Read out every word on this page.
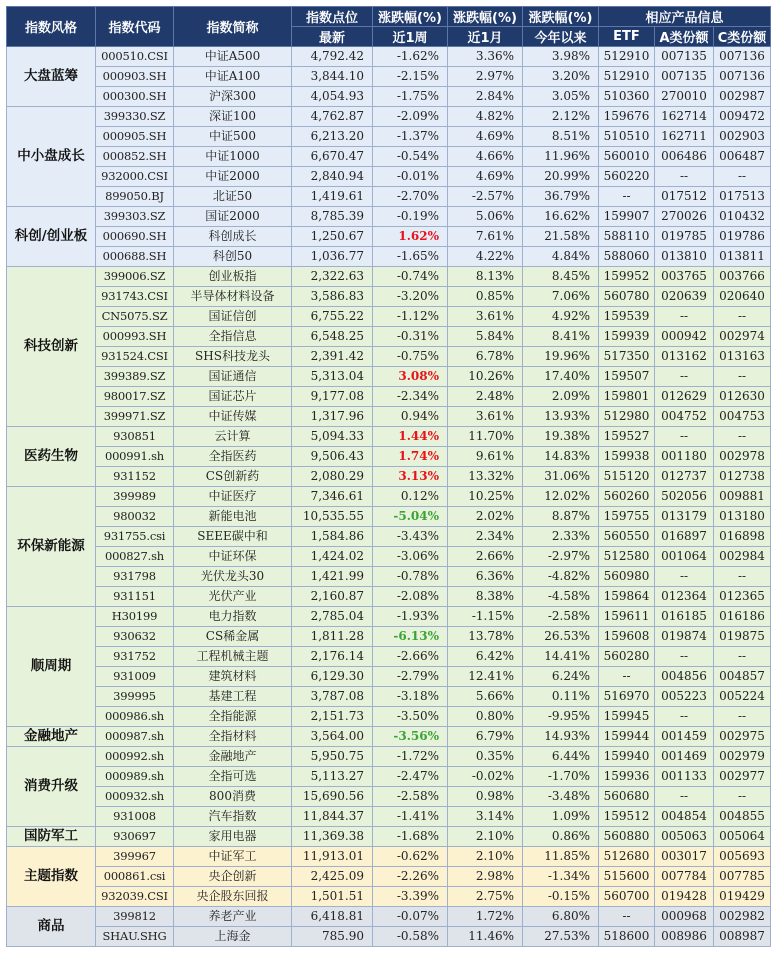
指数风格	指数代码	指数简称	指数点位	涨跌幅(%)	涨跌幅(%)	涨跌幅(%)	相应产品信息		
			最新	近1周	近1月	今年以来	ETF	A类份额	C类份额
大盘蓝筹	000510.CSI	中证A500	4,792.42	-1.62%	3.36%	3.98%	512910	007135	007136
	000903.SH	中证A100	3,844.10	-2.15%	2.97%	3.20%	512910	007135	007136
	000300.SH	沪深300	4,054.93	-1.75%	2.84%	3.05%	510360	270010	002987
中小盘成长	399330.SZ	深证100	4,762.87	-2.09%	4.82%	2.12%	159676	162714	009472
	000905.SH	中证500	6,213.20	-1.37%	4.69%	8.51%	510510	162711	002903
	000852.SH	中证1000	6,670.47	-0.54%	4.66%	11.96%	560010	006486	006487
	932000.CSI	中证2000	2,840.94	-0.01%	4.69%	20.99%	560220	--	--
	899050.BJ	北证50	1,419.61	-2.70%	-2.57%	36.79%	--	017512	017513
科创/创业板	399303.SZ	国证2000	8,785.39	-0.19%	5.06%	16.62%	159907	270026	010432
	000690.SH	科创成长	1,250.67	1.62%	7.61%	21.58%	588110	019785	019786
	000688.SH	科创50	1,036.77	-1.65%	4.22%	4.84%	588060	013810	013811
科技创新	399006.SZ	创业板指	2,322.63	-0.74%	8.13%	8.45%	159952	003765	003766
	931743.CSI	半导体材料设备	3,586.83	-3.20%	0.85%	7.06%	560780	020639	020640
	CN5075.SZ	国证信创	6,755.22	-1.12%	3.61%	4.92%	159539	--	--
	000993.SH	全指信息	6,548.25	-0.31%	5.84%	8.41%	159939	000942	002974
	931524.CSI	SHS科技龙头	2,391.42	-0.75%	6.78%	19.96%	517350	013162	013163
	399389.SZ	国证通信	5,313.04	3.08%	10.26%	17.40%	159507	--	--
	980017.SZ	国证芯片	9,177.08	-2.34%	2.48%	2.09%	159801	012629	012630
	399971.SZ	中证传媒	1,317.96	0.94%	3.61%	13.93%	512980	004752	004753
医药生物	930851	云计算	5,094.33	1.44%	11.70%	19.38%	159527	--	--
	000991.sh	全指医药	9,506.43	1.74%	9.61%	14.83%	159938	001180	002978
	931152	CS创新药	2,080.29	3.13%	13.32%	31.06%	515120	012737	012738
环保新能源	399989	中证医疗	7,346.61	0.12%	10.25%	12.02%	560260	502056	009881
	980032	新能电池	10,535.55	-5.04%	2.02%	8.87%	159755	013179	013180
	931755.csi	SEEE碳中和	1,584.86	-3.43%	2.34%	2.33%	560550	016897	016898
	000827.sh	中证环保	1,424.02	-3.06%	2.66%	-2.97%	512580	001064	002984
	931798	光伏龙头30	1,421.99	-0.78%	6.36%	-4.82%	560980	--	--
	931151	光伏产业	2,160.87	-2.08%	8.38%	-4.58%	159864	012364	012365
顺周期	H30199	电力指数	2,785.04	-1.93%	-1.15%	-2.58%	159611	016185	016186
	930632	CS稀金属	1,811.28	-6.13%	13.78%	26.53%	159608	019874	019875
	931752	工程机械主题	2,176.14	-2.66%	6.42%	14.41%	560280	--	--
	931009	建筑材料	6,129.30	-2.79%	12.41%	6.24%	--	004856	004857
	399995	基建工程	3,787.08	-3.18%	5.66%	0.11%	516970	005223	005224
	000986.sh	全指能源	2,151.73	-3.50%	0.80%	-9.95%	159945	--	--
金融地产	000987.sh	全指材料	3,564.00	-3.56%	6.79%	14.93%	159944	001459	002975
消费升级	000992.sh	金融地产	5,950.75	-1.72%	0.35%	6.44%	159940	001469	002979
	000989.sh	全指可选	5,113.27	-2.47%	-0.02%	-1.70%	159936	001133	002977
	000932.sh	800消费	15,690.56	-2.58%	0.98%	-3.48%	560680	--	--
	931008	汽车指数	11,844.37	-1.41%	3.14%	1.09%	159512	004854	004855
国防军工	930697	家用电器	11,369.38	-1.68%	2.10%	0.86%	560880	005063	005064
主题指数	399967	中证军工	11,913.01	-0.62%	2.10%	11.85%	512680	003017	005693
	000861.csi	央企创新	2,425.09	-2.26%	2.98%	-1.34%	515600	007784	007785
	932039.CSI	央企股东回报	1,501.51	-3.39%	2.75%	-0.15%	560700	019428	019429
商品	399812	养老产业	6,418.81	-0.07%	1.72%	6.80%	--	000968	002982
	SHAU.SHG	上海金	785.90	-0.58%	11.46%	27.53%	518600	008986	008987
